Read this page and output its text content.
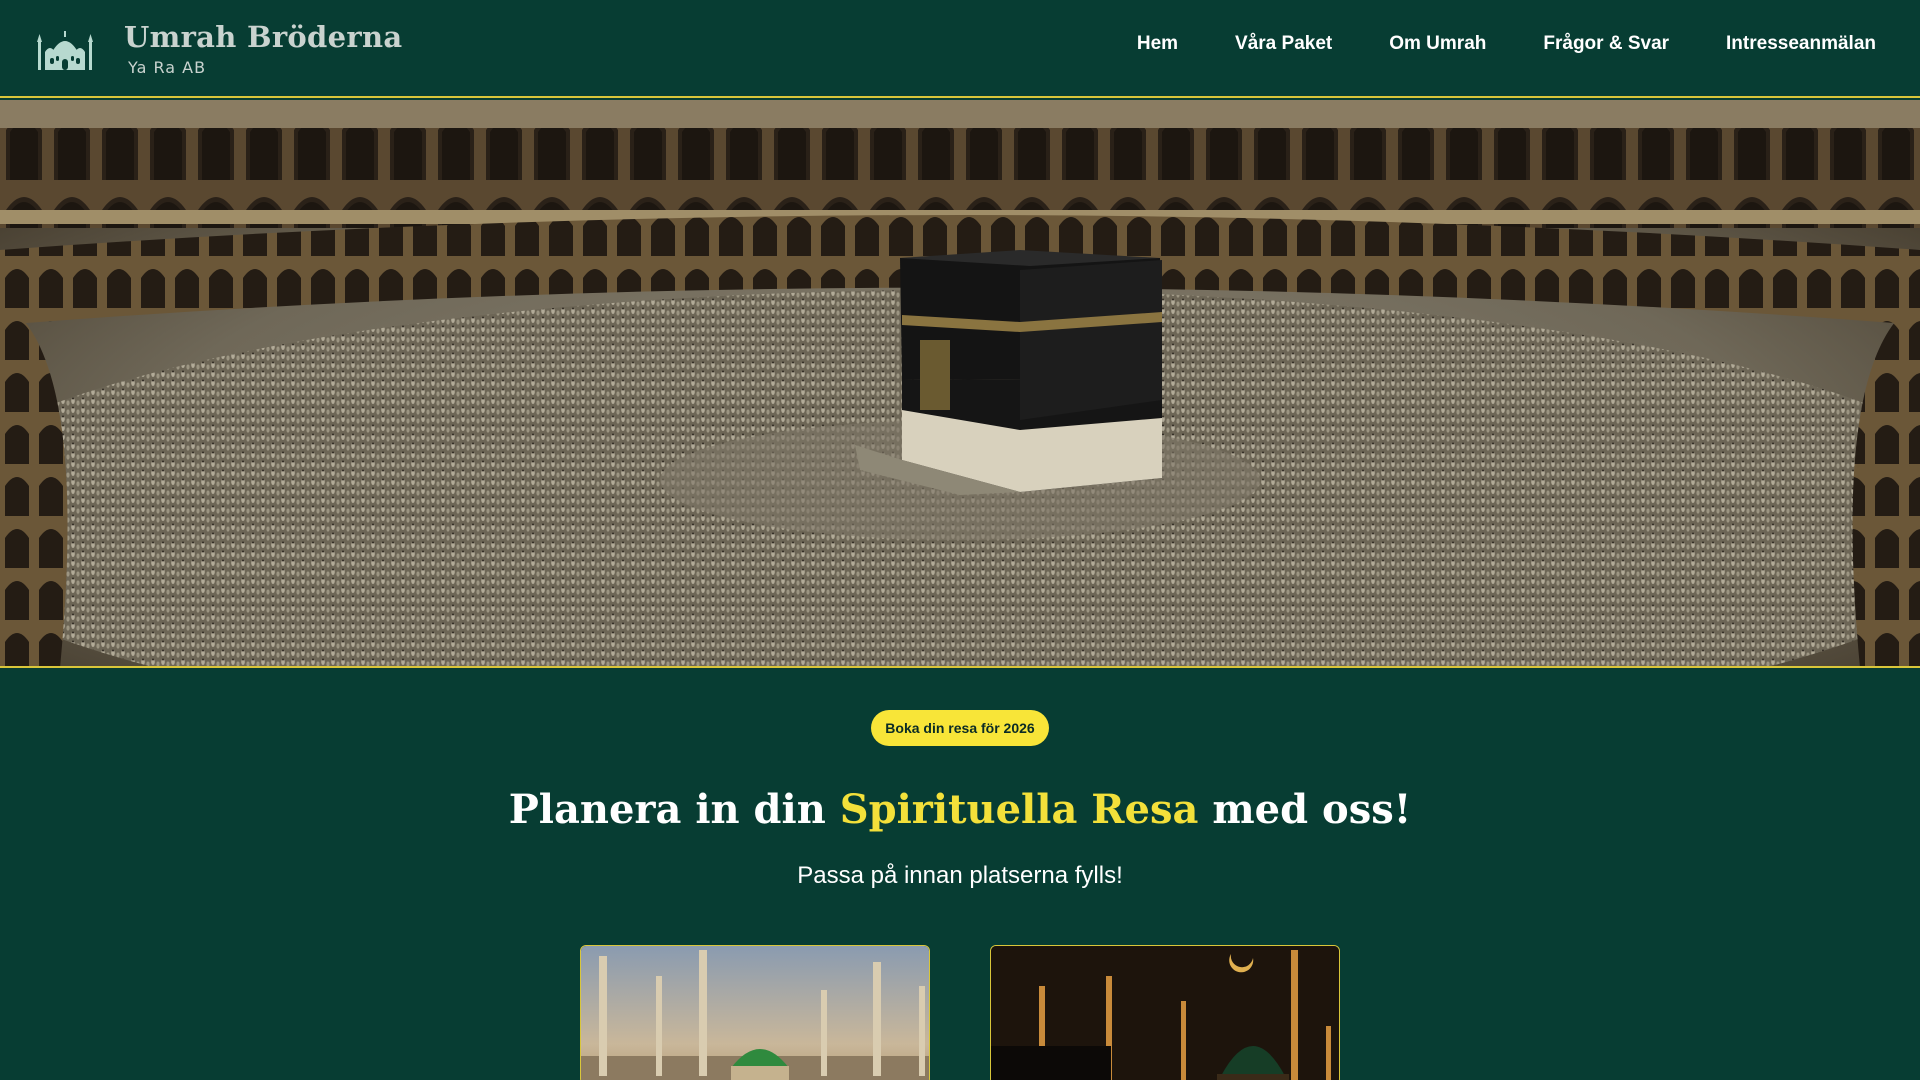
Umrah Bröderna
Ya Ra AB
Hem	Våra Paket	Om Umrah	Frågor & Svar	Intresseanmälan
Boka din resa för 2026
Planera in din Spirituella Resa med oss!

Passa på innan platserna fylls!
